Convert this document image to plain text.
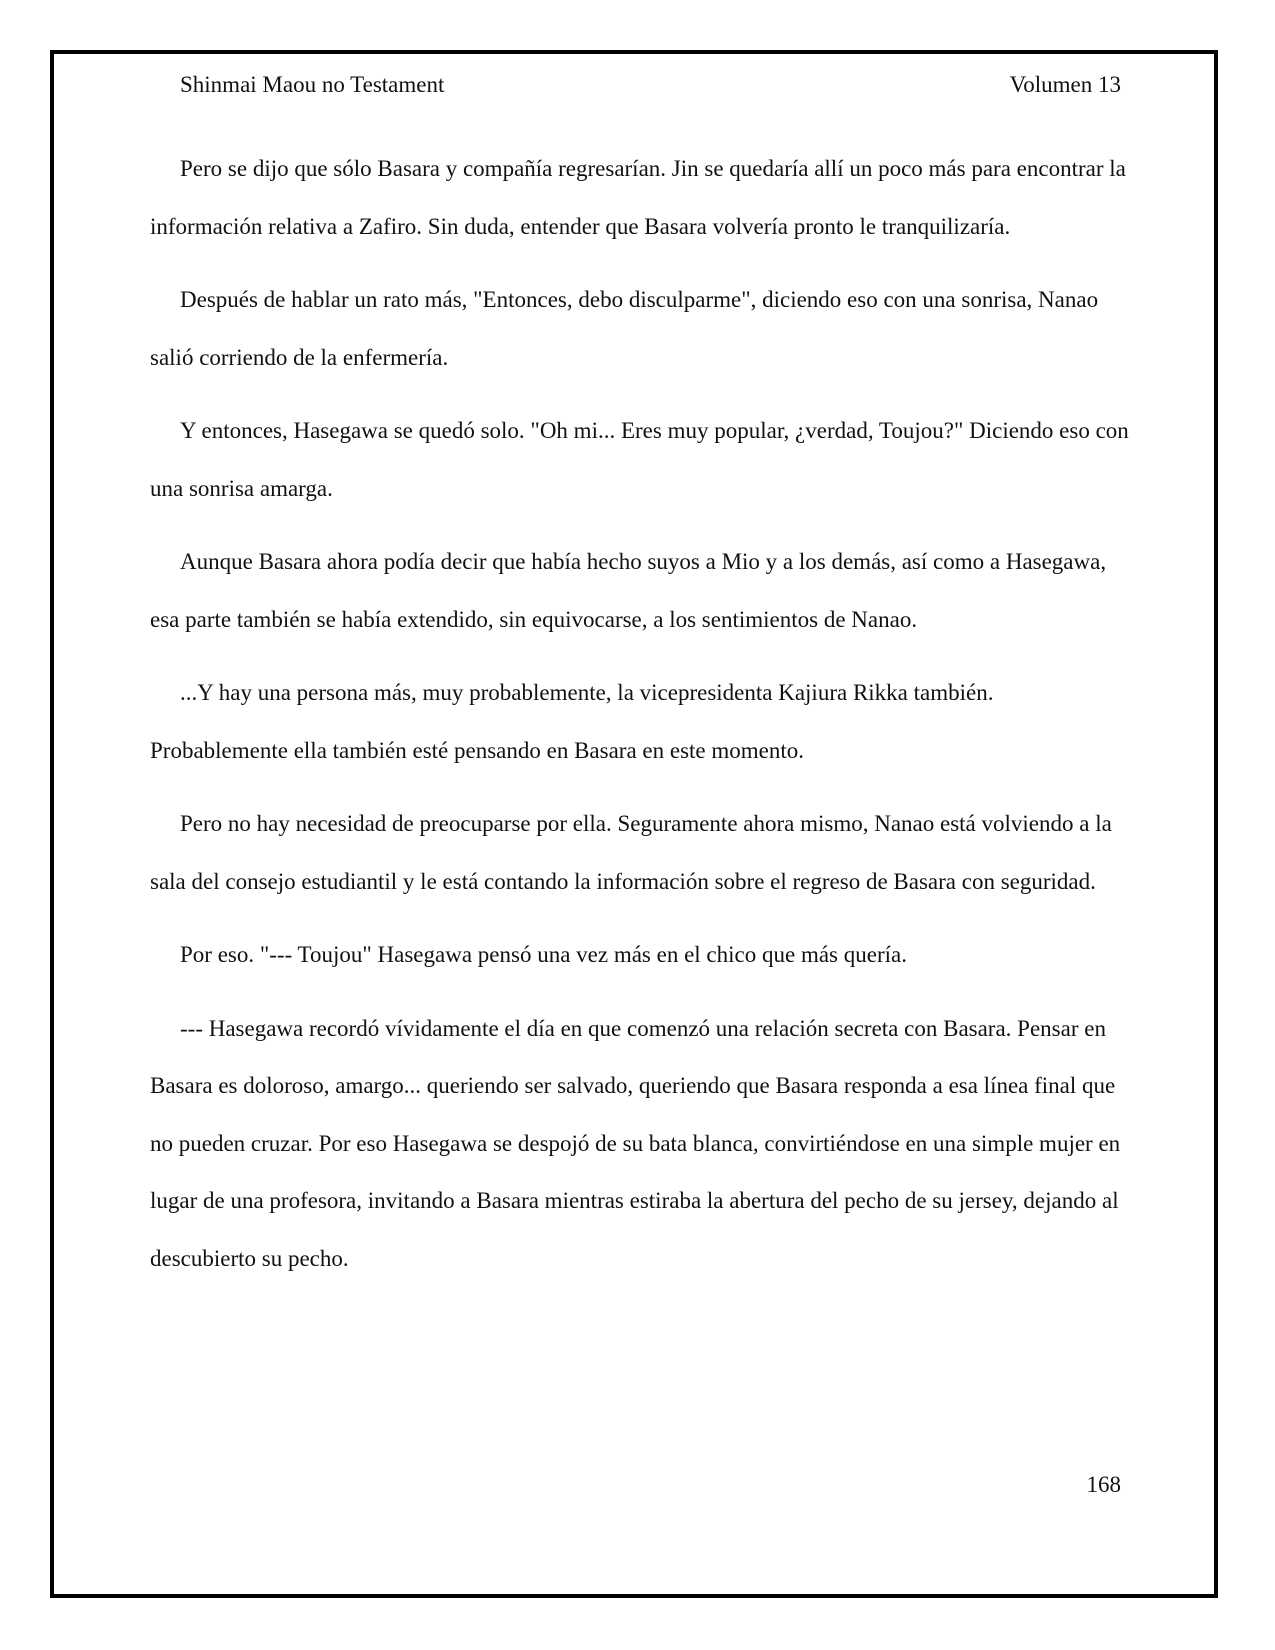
Shinmai Maou no Testament	Volumen 13

Pero se dijo que sólo Basara y compañía regresarían. Jin se quedaría allí un poco más para encontrar la información relativa a Zafiro. Sin duda, entender que Basara volvería pronto le tranquilizaría.

Después de hablar un rato más, "Entonces, debo disculparme", diciendo eso con una sonrisa, Nanao salió corriendo de la enfermería.

Y entonces, Hasegawa se quedó solo. "Oh mi... Eres muy popular, ¿verdad, Toujou?" Diciendo eso con una sonrisa amarga.

Aunque Basara ahora podía decir que había hecho suyos a Mio y a los demás, así como a Hasegawa, esa parte también se había extendido, sin equivocarse, a los sentimientos de Nanao.

...Y hay una persona más, muy probablemente, la vicepresidenta Kajiura Rikka también. Probablemente ella también esté pensando en Basara en este momento.

Pero no hay necesidad de preocuparse por ella. Seguramente ahora mismo, Nanao está volviendo a la sala del consejo estudiantil y le está contando la información sobre el regreso de Basara con seguridad.

Por eso. "--- Toujou" Hasegawa pensó una vez más en el chico que más quería.

--- Hasegawa recordó vívidamente el día en que comenzó una relación secreta con Basara. Pensar en Basara es doloroso, amargo... queriendo ser salvado, queriendo que Basara responda a esa línea final que no pueden cruzar. Por eso Hasegawa se despojó de su bata blanca, convirtiéndose en una simple mujer en lugar de una profesora, invitando a Basara mientras estiraba la abertura del pecho de su jersey, dejando al descubierto su pecho.

168
